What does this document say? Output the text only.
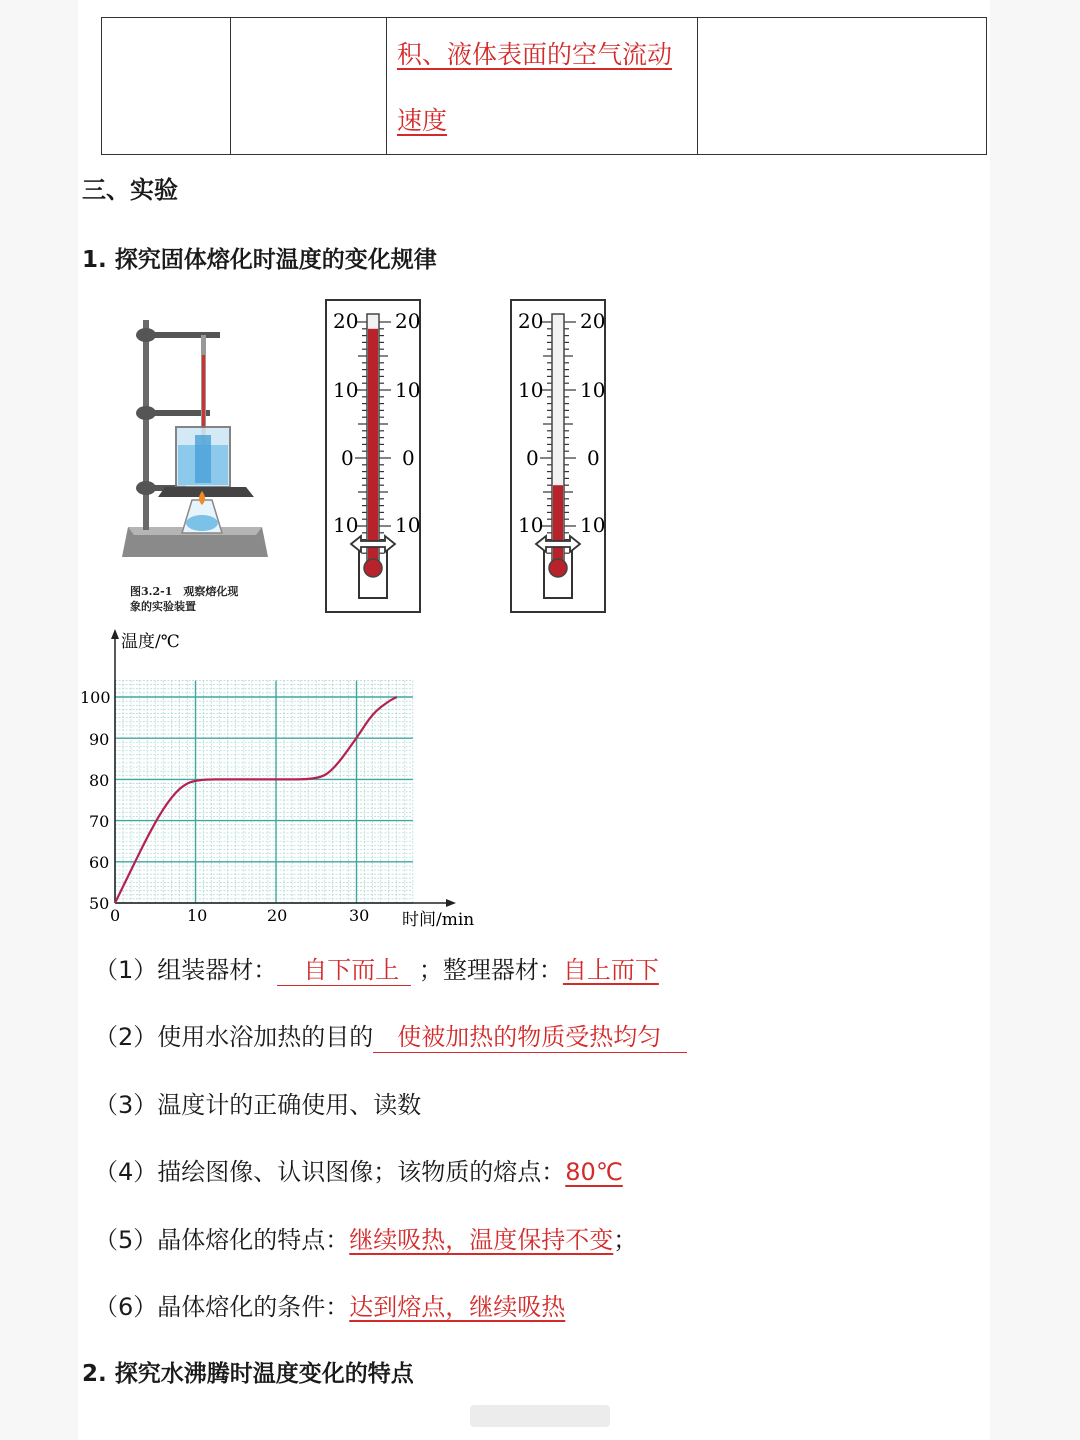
积、液体表面的空气流动
速度

三、实验
1. 探究固体熔化时温度的变化规律
图3.2-1　观察熔化现
象的实验装置
20 20
10 10
0 0
10 10
20 20
10 10
0 0
10 10
温度/℃
时间/min
100
90
80
70
60
50
0	10	20	30
（1）组装器材： 自下而上 ；整理器材：自上而下
（2）使用水浴加热的目的 使被加热的物质受热均匀
（3）温度计的正确使用、读数
（4）描绘图像、认识图像；该物质的熔点：80℃
（5）晶体熔化的特点：继续吸热，温度保持不变；
（6）晶体熔化的条件：达到熔点，继续吸热
2. 探究水沸腾时温度变化的特点
